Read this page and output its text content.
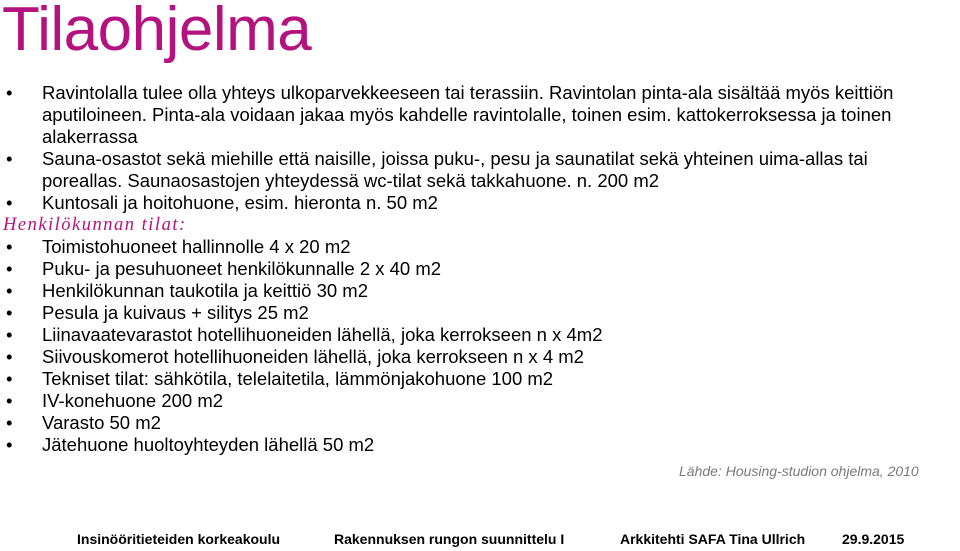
Tilaohjelma
• Ravintolalla tulee olla yhteys ulkoparvekkeeseen tai terassiin. Ravintolan pinta-ala sisältää myös keittiön aputiloineen. Pinta-ala voidaan jakaa myös kahdelle ravintolalle, toinen esim. kattokerroksessa ja toinen alakerrassa
• Sauna-osastot sekä miehille että naisille, joissa puku-, pesu ja saunatilat sekä yhteinen uima-allas tai poreallas. Saunaosastojen yhteydessä wc-tilat sekä takkahuone. n. 200 m2
• Kuntosali ja hoitohuone, esim. hieronta n. 50 m2
Henkilökunnan tilat:
• Toimistohuoneet hallinnolle 4 x 20 m2
• Puku- ja pesuhuoneet henkilökunnalle 2 x 40 m2
• Henkilökunnan taukotila ja keittiö 30 m2
• Pesula ja kuivaus + silitys 25 m2
• Liinavaatevarastot hotellihuoneiden lähellä, joka kerrokseen n x 4m2
• Siivouskomerot hotellihuoneiden lähellä, joka kerrokseen n x 4 m2
• Tekniset tilat: sähkötila, telelaitetila, lämmönjakohuone 100 m2
• IV-konehuone 200 m2
• Varasto 50 m2
• Jätehuone huoltoyhteyden lähellä 50 m2
Lähde: Housing-studion ohjelma, 2010
Insinööritieteiden korkeakoulu	Rakennuksen rungon suunnittelu I	Arkkitehti SAFA Tina Ullrich	29.9.2015
